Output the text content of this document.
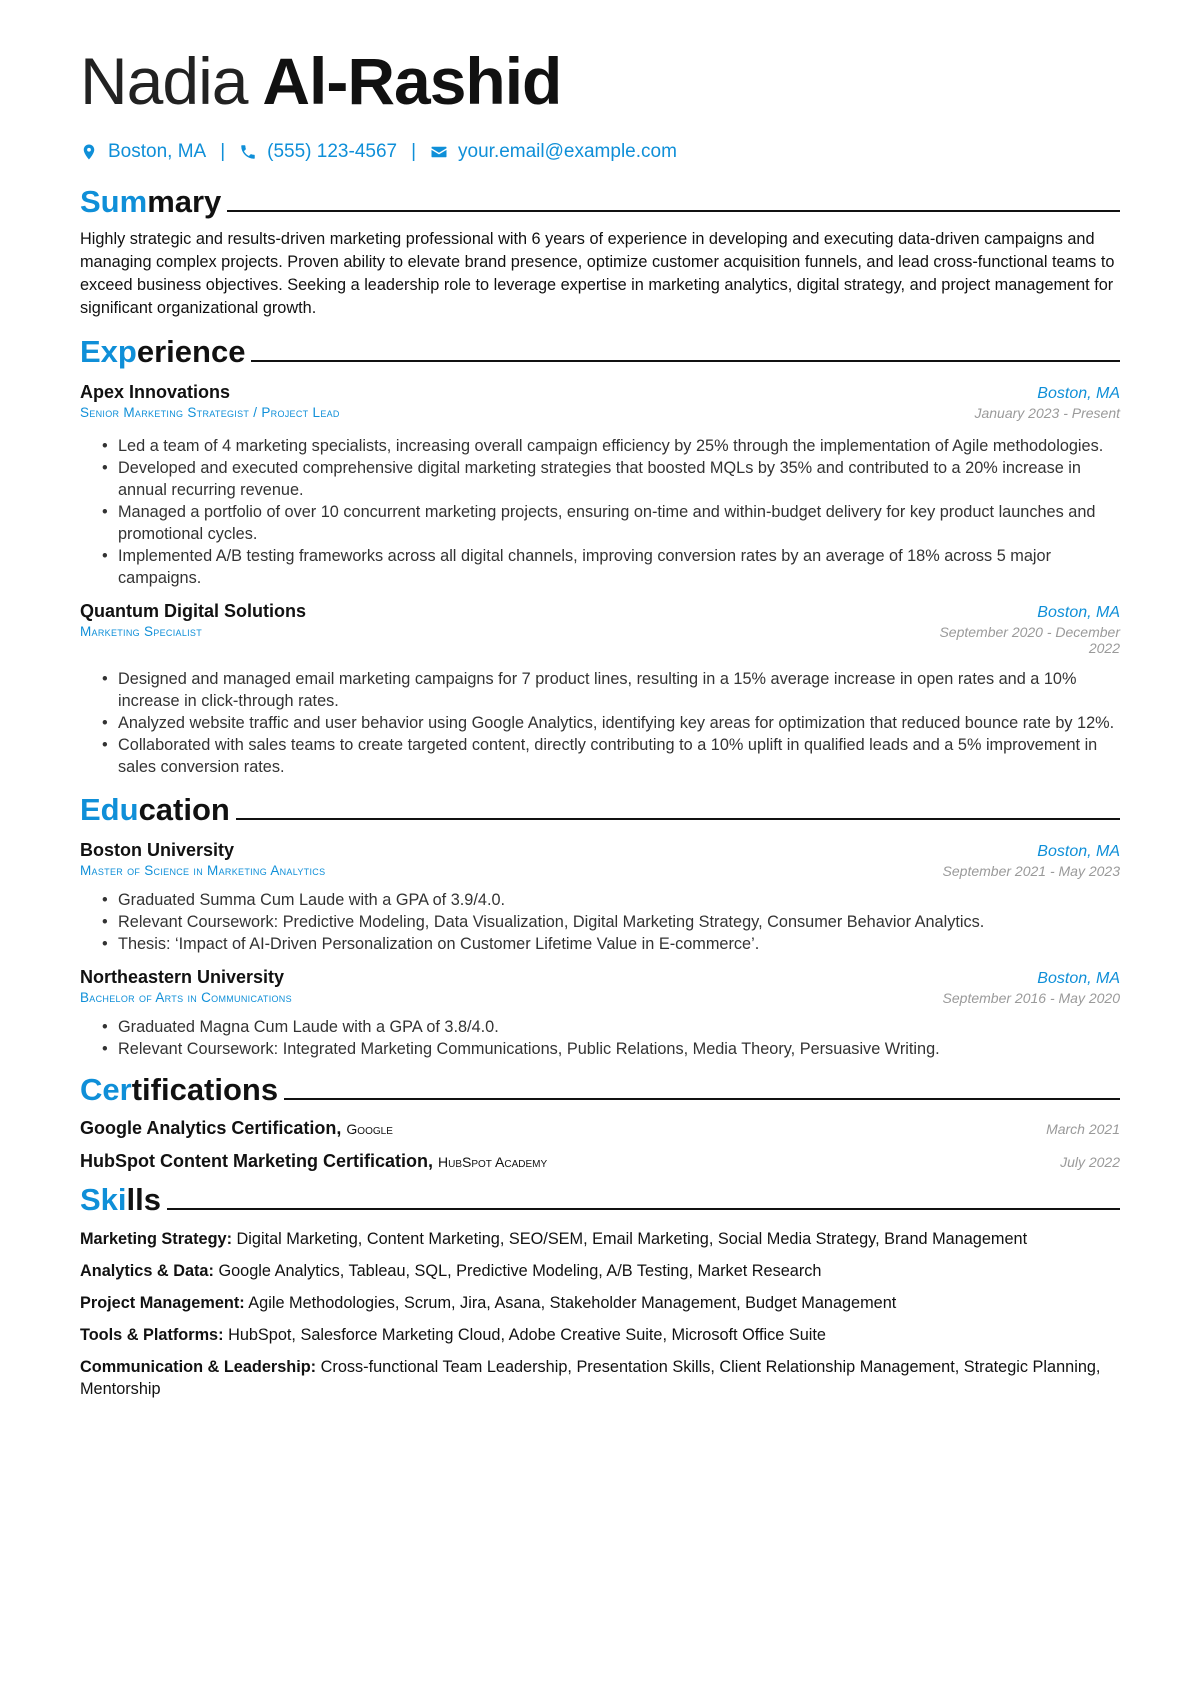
Nadia Al-Rashid
Boston, MA | (555) 123-4567 | your.email@example.com
Summary
Highly strategic and results-driven marketing professional with 6 years of experience in developing and executing data-driven campaigns and managing complex projects. Proven ability to elevate brand presence, optimize customer acquisition funnels, and lead cross-functional teams to exceed business objectives. Seeking a leadership role to leverage expertise in marketing analytics, digital strategy, and project management for significant organizational growth.
Experience
Apex Innovations	Boston, MA
Senior Marketing Strategist / Project Lead	January 2023 - Present
• Led a team of 4 marketing specialists, increasing overall campaign efficiency by 25% through the implementation of Agile methodologies.
• Developed and executed comprehensive digital marketing strategies that boosted MQLs by 35% and contributed to a 20% increase in annual recurring revenue.
• Managed a portfolio of over 10 concurrent marketing projects, ensuring on-time and within-budget delivery for key product launches and promotional cycles.
• Implemented A/B testing frameworks across all digital channels, improving conversion rates by an average of 18% across 5 major campaigns.
Quantum Digital Solutions	Boston, MA
Marketing Specialist	September 2020 - December 2022
• Designed and managed email marketing campaigns for 7 product lines, resulting in a 15% average increase in open rates and a 10% increase in click-through rates.
• Analyzed website traffic and user behavior using Google Analytics, identifying key areas for optimization that reduced bounce rate by 12%.
• Collaborated with sales teams to create targeted content, directly contributing to a 10% uplift in qualified leads and a 5% improvement in sales conversion rates.
Education
Boston University	Boston, MA
Master of Science in Marketing Analytics	September 2021 - May 2023
• Graduated Summa Cum Laude with a GPA of 3.9/4.0.
• Relevant Coursework: Predictive Modeling, Data Visualization, Digital Marketing Strategy, Consumer Behavior Analytics.
• Thesis: ‘Impact of AI-Driven Personalization on Customer Lifetime Value in E-commerce’.
Northeastern University	Boston, MA
Bachelor of Arts in Communications	September 2016 - May 2020
• Graduated Magna Cum Laude with a GPA of 3.8/4.0.
• Relevant Coursework: Integrated Marketing Communications, Public Relations, Media Theory, Persuasive Writing.
Certifications
Google Analytics Certification, Google	March 2021
HubSpot Content Marketing Certification, HubSpot Academy	July 2022
Skills
Marketing Strategy: Digital Marketing, Content Marketing, SEO/SEM, Email Marketing, Social Media Strategy, Brand Management
Analytics & Data: Google Analytics, Tableau, SQL, Predictive Modeling, A/B Testing, Market Research
Project Management: Agile Methodologies, Scrum, Jira, Asana, Stakeholder Management, Budget Management
Tools & Platforms: HubSpot, Salesforce Marketing Cloud, Adobe Creative Suite, Microsoft Office Suite
Communication & Leadership: Cross-functional Team Leadership, Presentation Skills, Client Relationship Management, Strategic Planning, Mentorship
